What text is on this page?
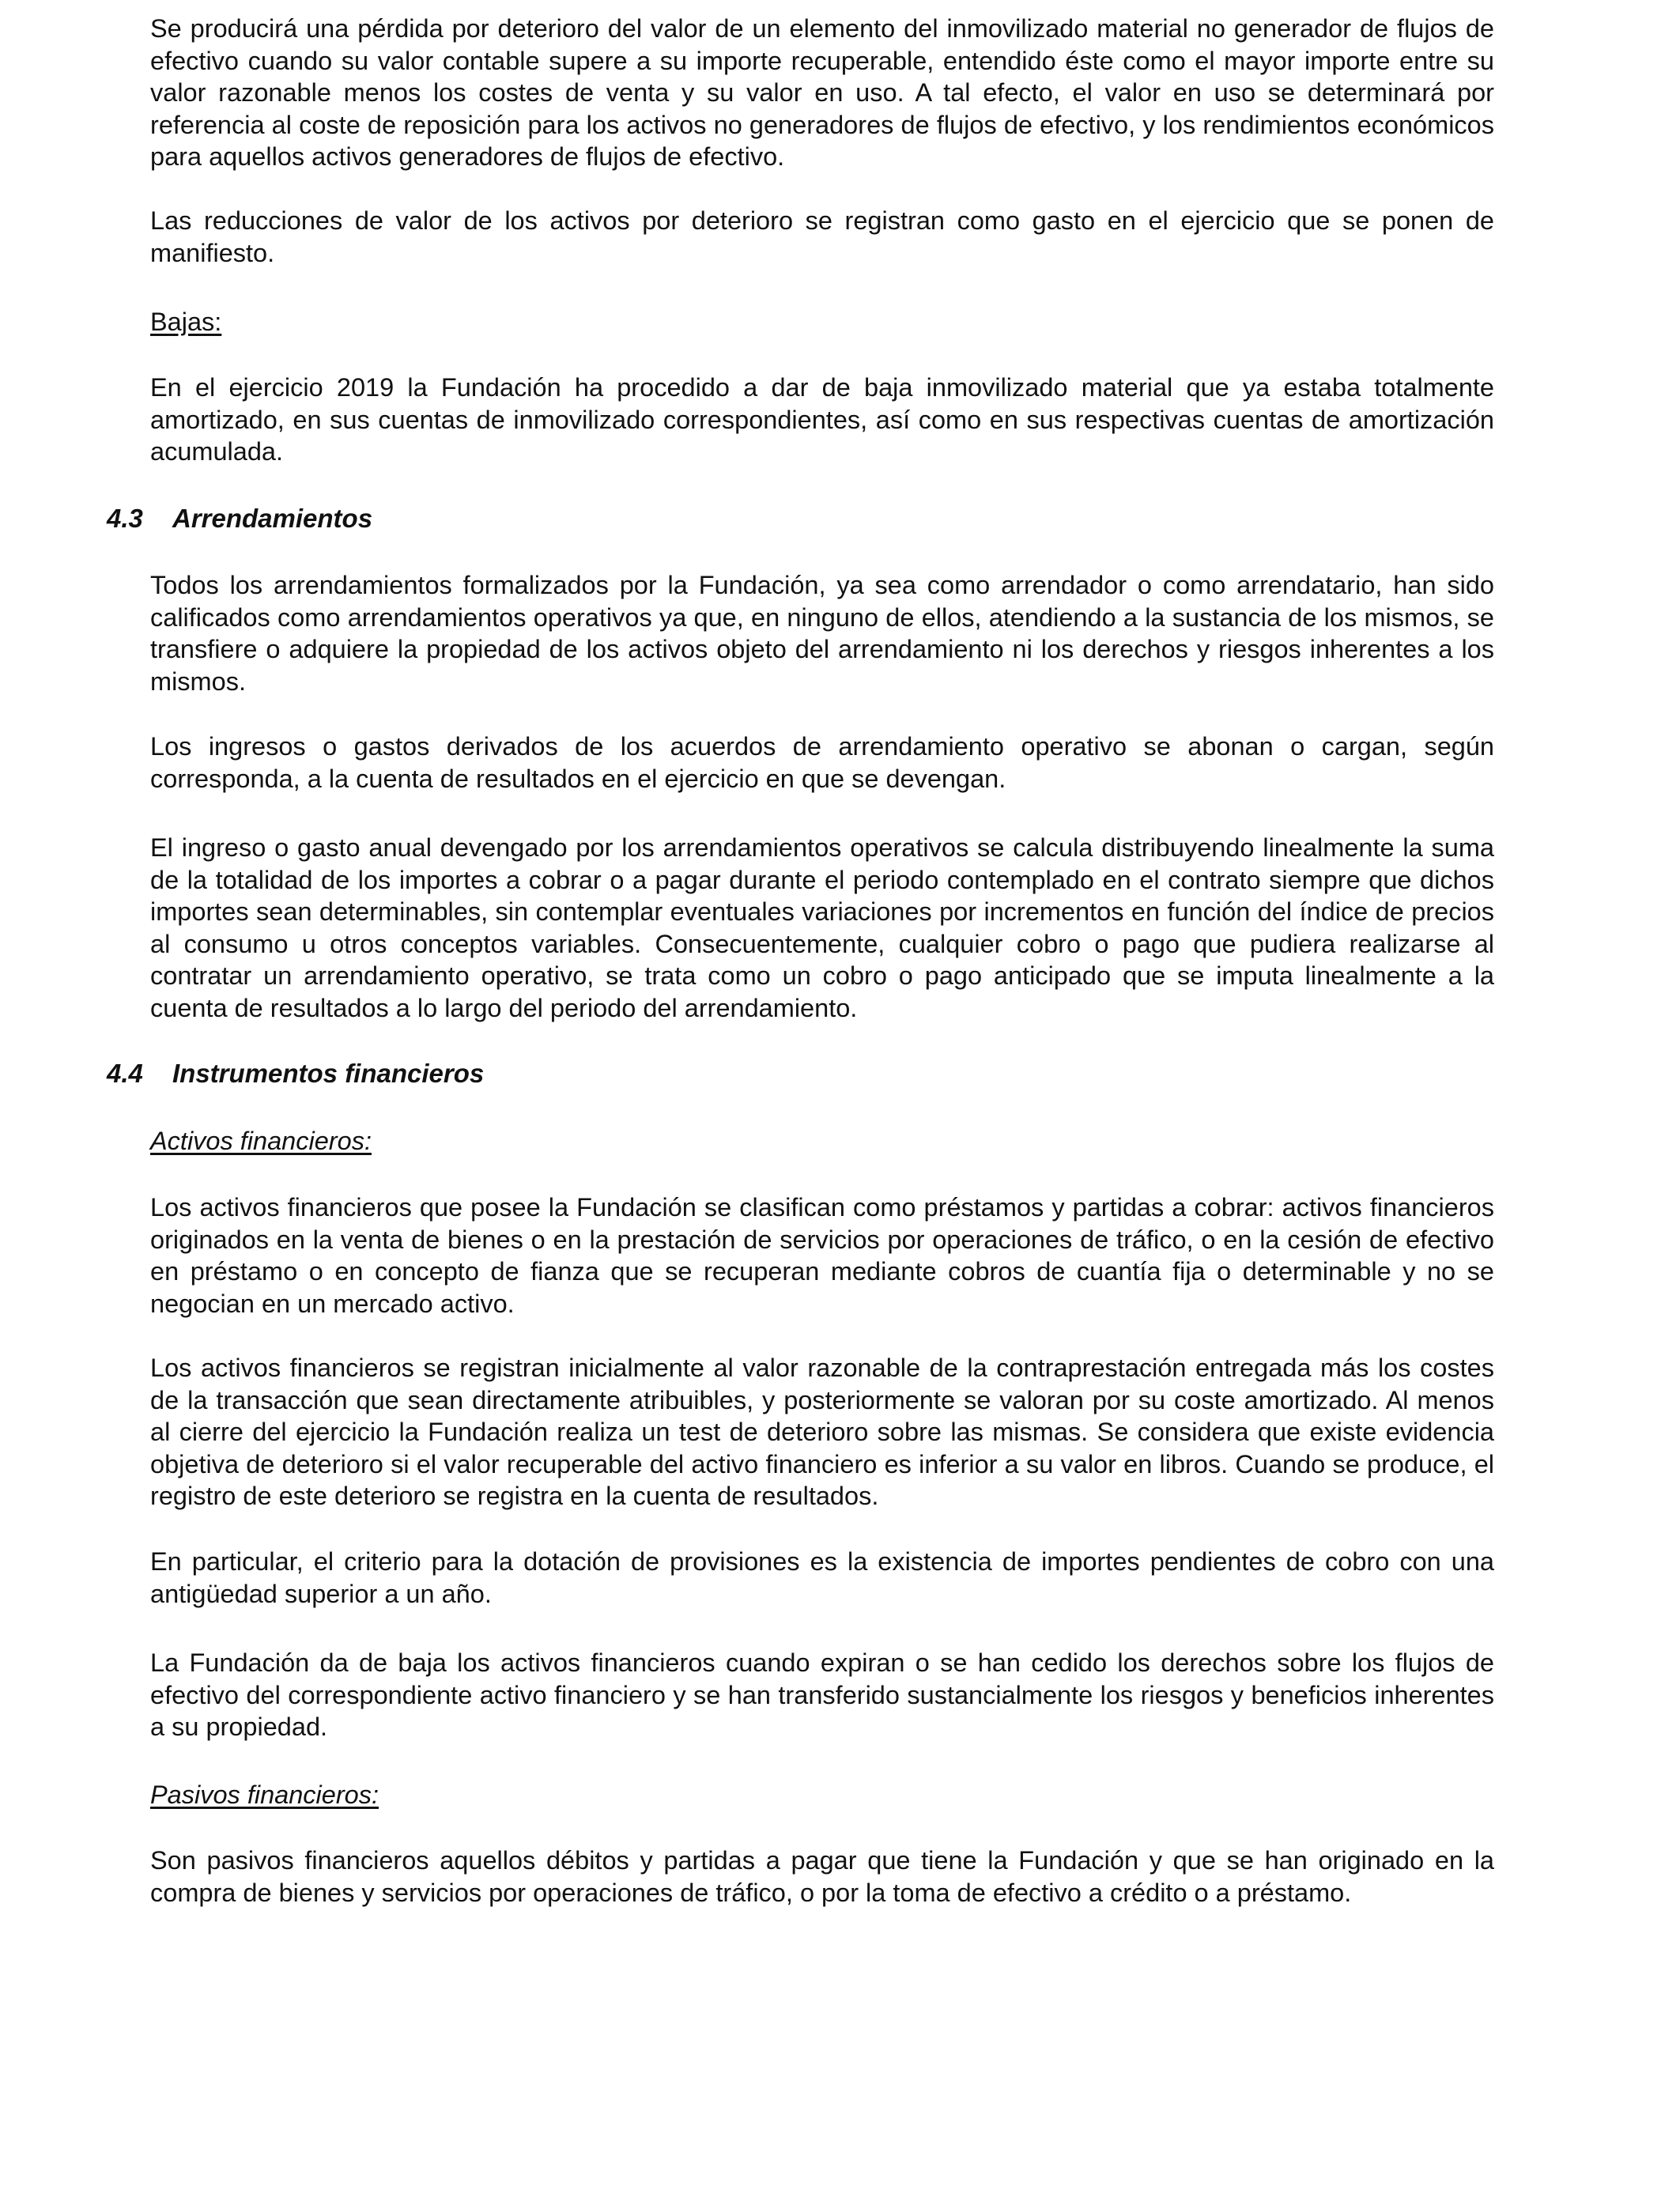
Se producirá una pérdida por deterioro del valor de un elemento del inmovilizado material no generador de flujos de efectivo cuando su valor contable supere a su importe recuperable, entendido éste como el mayor importe entre su valor razonable menos los costes de venta y su valor en uso. A tal efecto, el valor en uso se determinará por referencia al coste de reposición para los activos no generadores de flujos de efectivo, y los rendimientos económicos para aquellos activos generadores de flujos de efectivo.

Las reducciones de valor de los activos por deterioro se registran como gasto en el ejercicio que se ponen de manifiesto.

Bajas:

En el ejercicio 2019 la Fundación ha procedido a dar de baja inmovilizado material que ya estaba totalmente amortizado, en sus cuentas de inmovilizado correspondientes, así como en sus respectivas cuentas de amortización acumulada.

4.3 Arrendamientos

Todos los arrendamientos formalizados por la Fundación, ya sea como arrendador o como arrendatario, han sido calificados como arrendamientos operativos ya que, en ninguno de ellos, atendiendo a la sustancia de los mismos, se transfiere o adquiere la propiedad de los activos objeto del arrendamiento ni los derechos y riesgos inherentes a los mismos.

Los ingresos o gastos derivados de los acuerdos de arrendamiento operativo se abonan o cargan, según corresponda, a la cuenta de resultados en el ejercicio en que se devengan.

El ingreso o gasto anual devengado por los arrendamientos operativos se calcula distribuyendo linealmente la suma de la totalidad de los importes a cobrar o a pagar durante el periodo contemplado en el contrato siempre que dichos importes sean determinables, sin contemplar eventuales variaciones por incrementos en función del índice de precios al consumo u otros conceptos variables. Consecuentemente, cualquier cobro o pago que pudiera realizarse al contratar un arrendamiento operativo, se trata como un cobro o pago anticipado que se imputa linealmente a la cuenta de resultados a lo largo del periodo del arrendamiento.

4.4 Instrumentos financieros

Activos financieros:

Los activos financieros que posee la Fundación se clasifican como préstamos y partidas a cobrar: activos financieros originados en la venta de bienes o en la prestación de servicios por operaciones de tráfico, o en la cesión de efectivo en préstamo o en concepto de fianza que se recuperan mediante cobros de cuantía fija o determinable y no se negocian en un mercado activo.

Los activos financieros se registran inicialmente al valor razonable de la contraprestación entregada más los costes de la transacción que sean directamente atribuibles, y posteriormente se valoran por su coste amortizado. Al menos al cierre del ejercicio la Fundación realiza un test de deterioro sobre las mismas. Se considera que existe evidencia objetiva de deterioro si el valor recuperable del activo financiero es inferior a su valor en libros. Cuando se produce, el registro de este deterioro se registra en la cuenta de resultados.

En particular, el criterio para la dotación de provisiones es la existencia de importes pendientes de cobro con una antigüedad superior a un año.

La Fundación da de baja los activos financieros cuando expiran o se han cedido los derechos sobre los flujos de efectivo del correspondiente activo financiero y se han transferido sustancialmente los riesgos y beneficios inherentes a su propiedad.

Pasivos financieros:

Son pasivos financieros aquellos débitos y partidas a pagar que tiene la Fundación y que se han originado en la compra de bienes y servicios por operaciones de tráfico, o por la toma de efectivo a crédito o a préstamo.
